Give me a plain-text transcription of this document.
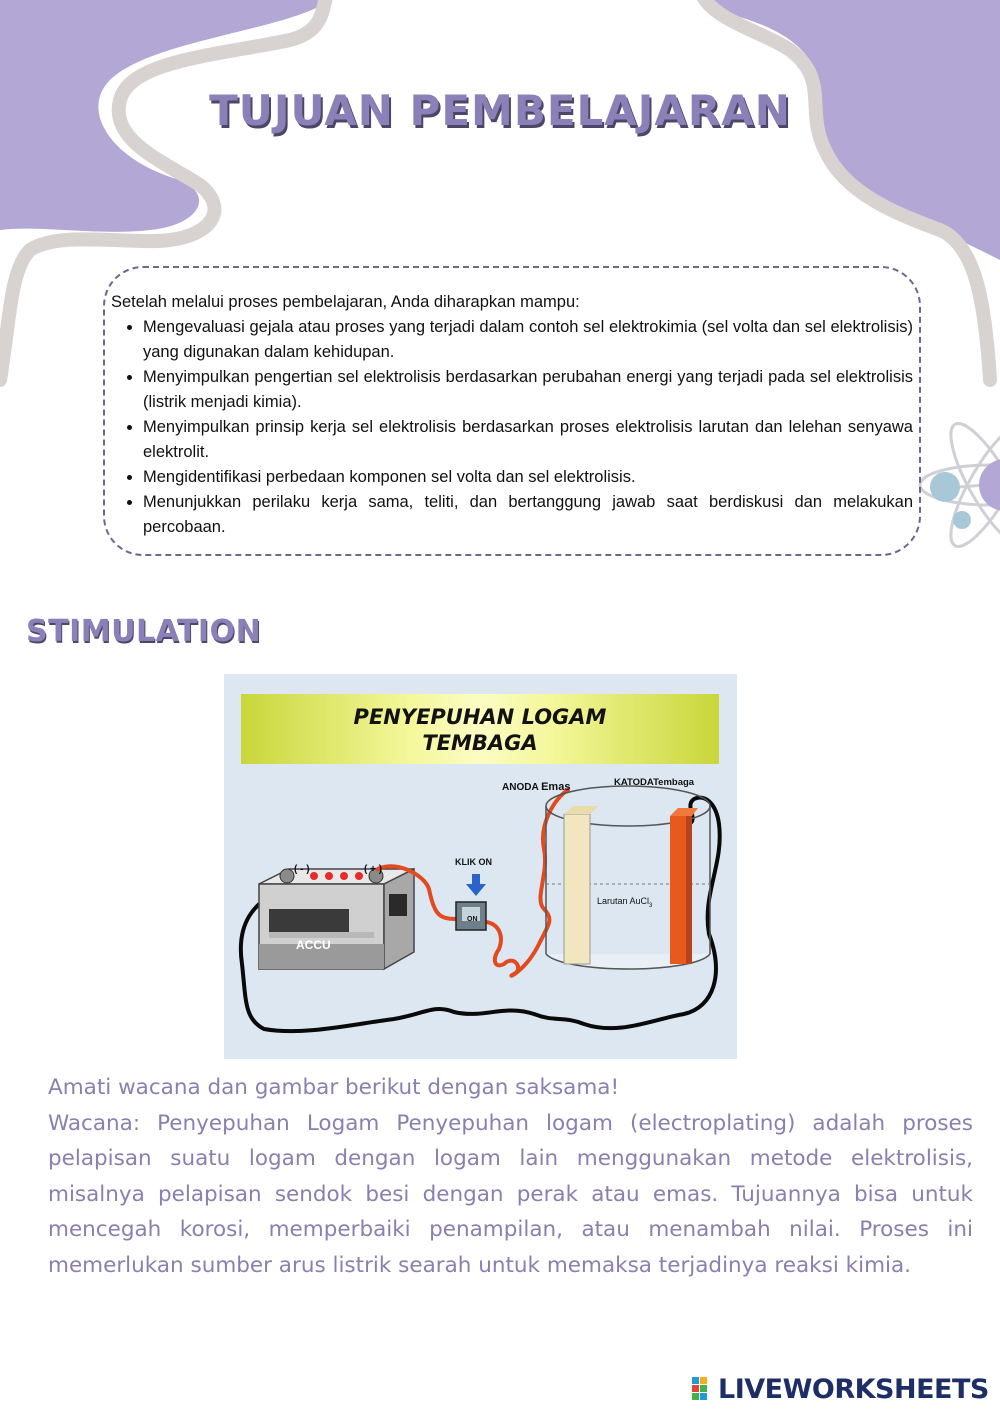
TUJUAN PEMBELAJARAN

Setelah melalui proses pembelajaran, Anda diharapkan mampu:

• Mengevaluasi gejala atau proses yang terjadi dalam contoh sel elektrokimia (sel volta dan sel elektrolisis) yang digunakan dalam kehidupan.
• Menyimpulkan pengertian sel elektrolisis berdasarkan perubahan energi yang terjadi pada sel elektrolisis (listrik menjadi kimia).
• Menyimpulkan prinsip kerja sel elektrolisis berdasarkan proses elektrolisis larutan dan lelehan senyawa elektrolit.
• Mengidentifikasi perbedaan komponen sel volta dan sel elektrolisis.
• Menunjukkan perilaku kerja sama, teliti, dan bertanggung jawab saat berdiskusi dan melakukan percobaan.
STIMULATION
PENYEPUHAN LOGAM
TEMBAGA
( - )	( + )
ACCU
KLIK ON
ON
ANODA Emas	KATODATembaga
Larutan AuCl$_3$

Amati wacana dan gambar berikut dengan saksama!

Wacana: Penyepuhan Logam Penyepuhan logam (electroplating) adalah proses pelapisan suatu logam dengan logam lain menggunakan metode elektrolisis, misalnya pelapisan sendok besi dengan perak atau emas. Tujuannya bisa untuk mencegah korosi, memperbaiki penampilan, atau menambah nilai. Proses ini memerlukan sumber arus listrik searah untuk memaksa terjadinya reaksi kimia.

LIVEWORKSHEETS
